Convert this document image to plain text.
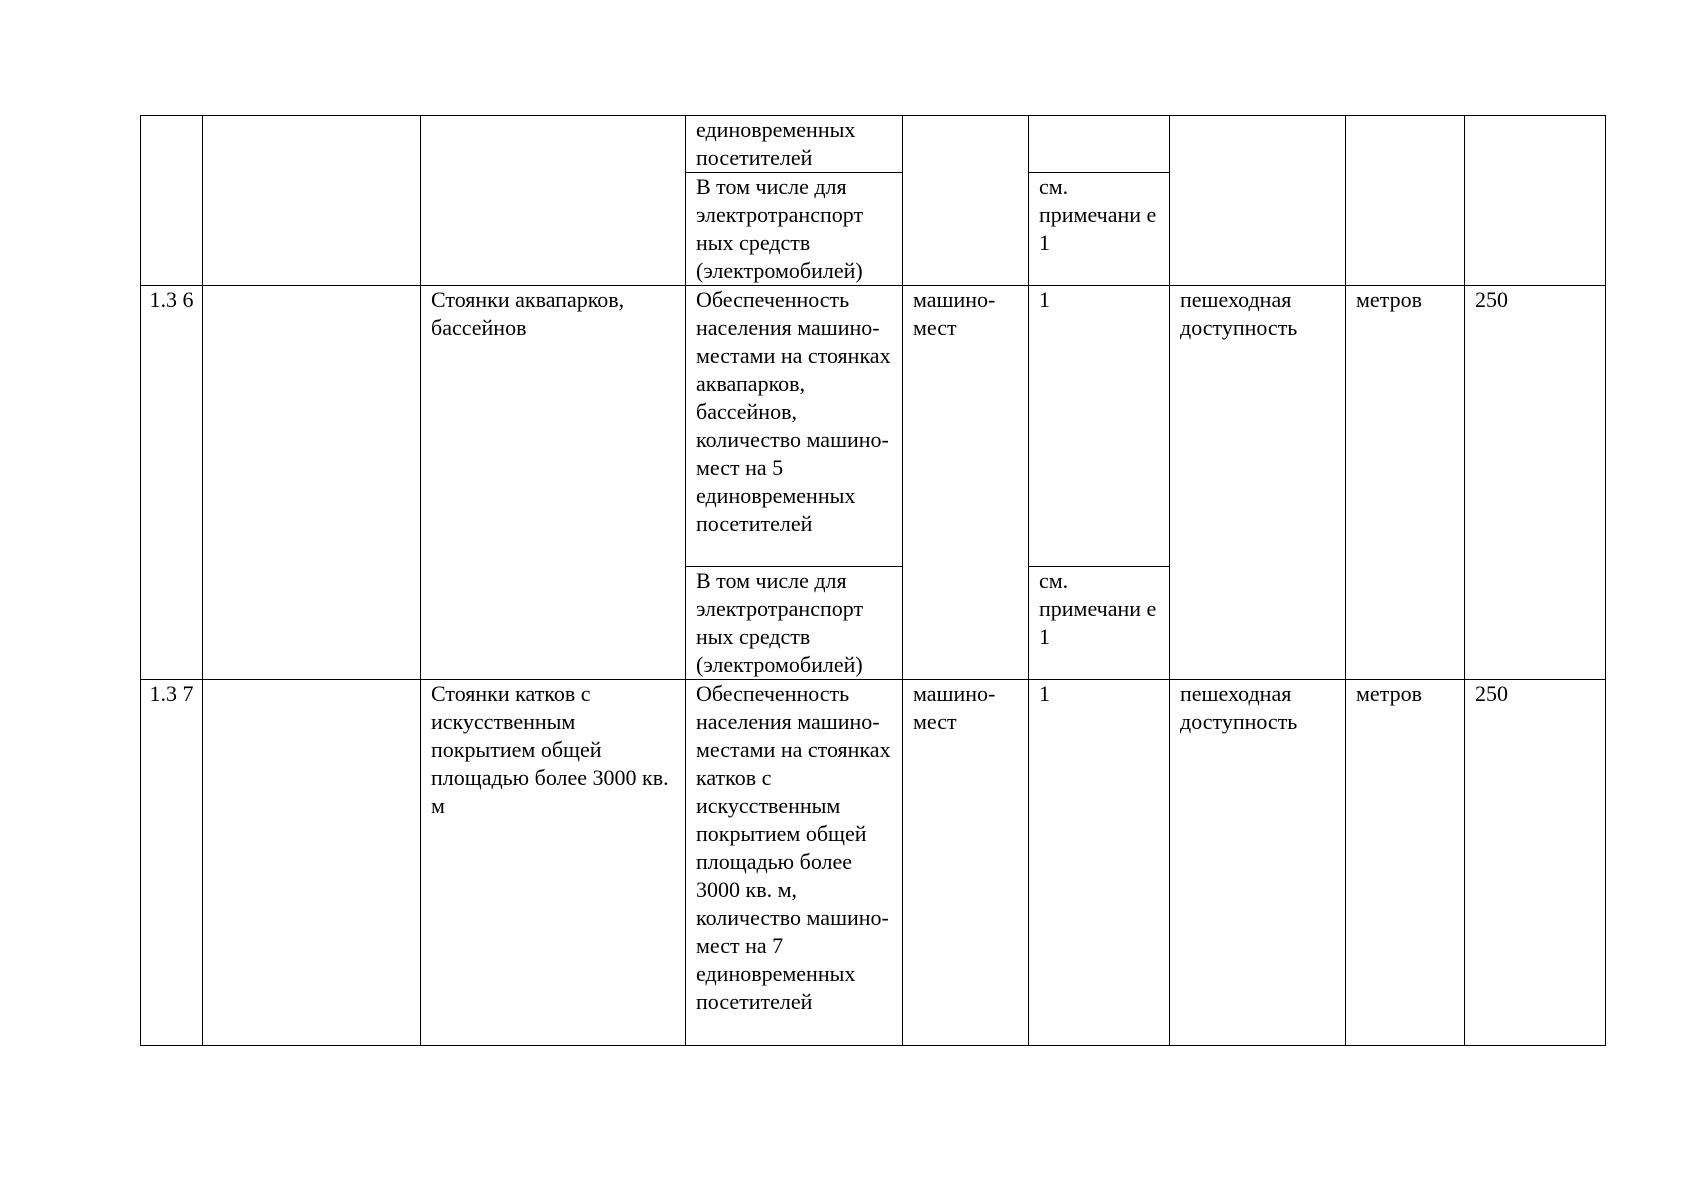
			единовременных посетителей					
			В том числе для электротранспорт ных средств (электромобилей)		см. примечани е 1			
1.3 6		Стоянки аквапарков, бассейнов	Обеспеченность населения машино-местами на стоянках аквапарков, бассейнов, количество машино-мест на 5 единовременных посетителей	машино- мест	1	пешеходная доступность	метров	250
			В том числе для электротранспорт ных средств (электромобилей)		см. примечани е 1			
1.3 7		Стоянки катков с искусственным покрытием общей площадью более 3000 кв. м	Обеспеченность населения машино-местами на стоянках катков с искусственным покрытием общей площадью более 3000 кв. м, количество машино-мест на 7 единовременных посетителей	машино- мест	1	пешеходная доступность	метров	250
